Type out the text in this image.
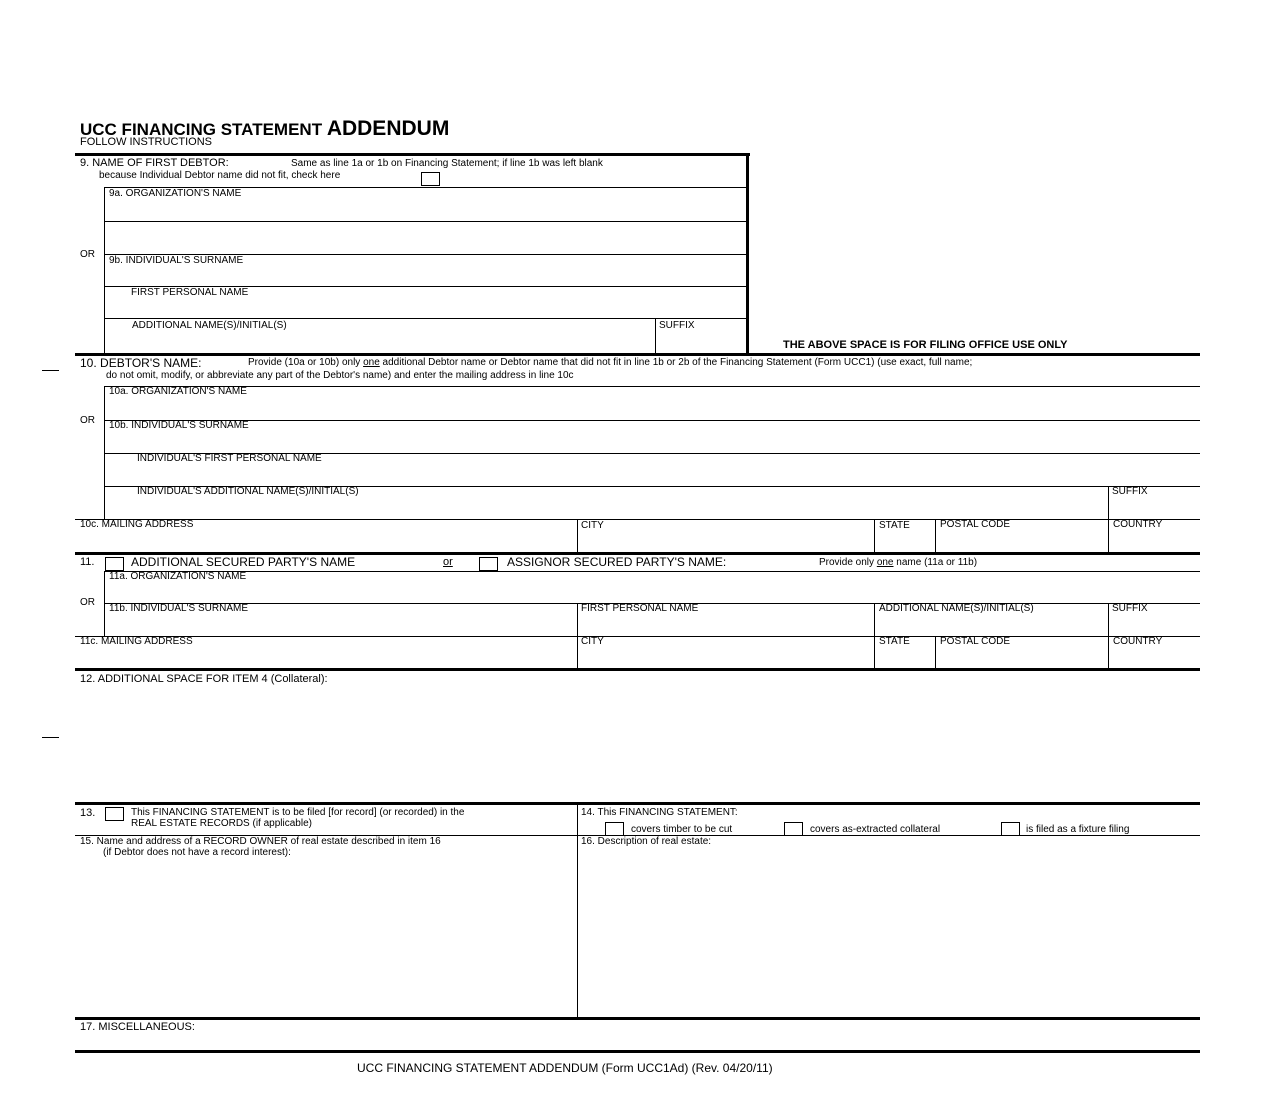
UCC FINANCING STATEMENT ADDENDUM
FOLLOW INSTRUCTIONS
9. NAME OF FIRST DEBTOR:	Same as line 1a or 1b on Financing Statement; if line 1b was left blank
because Individual Debtor name did not fit, check here
9a. ORGANIZATION'S NAME
OR
9b. INDIVIDUAL'S SURNAME
FIRST PERSONAL NAME
ADDITIONAL NAME(S)/INITIAL(S)	SUFFIX
THE ABOVE SPACE IS FOR FILING OFFICE USE ONLY
10. DEBTOR'S NAME:	Provide (10a or 10b) only one additional Debtor name or Debtor name that did not fit in line 1b or 2b of the Financing Statement (Form UCC1) (use exact, full name;
do not omit, modify, or abbreviate any part of the Debtor's name) and enter the mailing address in line 10c
10a. ORGANIZATION'S NAME
OR 10b. INDIVIDUAL'S SURNAME
INDIVIDUAL'S FIRST PERSONAL NAME
INDIVIDUAL'S ADDITIONAL NAME(S)/INITIAL(S)	SUFFIX
10c. MAILING ADDRESS	CITY	STATE	POSTAL CODE	COUNTRY
11.	ADDITIONAL SECURED PARTY'S NAME	or	ASSIGNOR SECURED PARTY'S NAME:	Provide only one name (11a or 11b)
11a. ORGANIZATION'S NAME
OR
11b. INDIVIDUAL'S SURNAME	FIRST PERSONAL NAME	ADDITIONAL NAME(S)/INITIAL(S)	SUFFIX
11c. MAILING ADDRESS	CITY	STATE	POSTAL CODE	COUNTRY
12. ADDITIONAL SPACE FOR ITEM 4 (Collateral):
13.	This FINANCING STATEMENT is to be filed [for record] (or recorded) in the
REAL ESTATE RECORDS (if applicable)
14. This FINANCING STATEMENT:
covers timber to be cut	covers as-extracted collateral	is filed as a fixture filing
15. Name and address of a RECORD OWNER of real estate described in item 16
(if Debtor does not have a record interest):
16. Description of real estate:
17. MISCELLANEOUS:
UCC FINANCING STATEMENT ADDENDUM (Form UCC1Ad) (Rev. 04/20/11)
